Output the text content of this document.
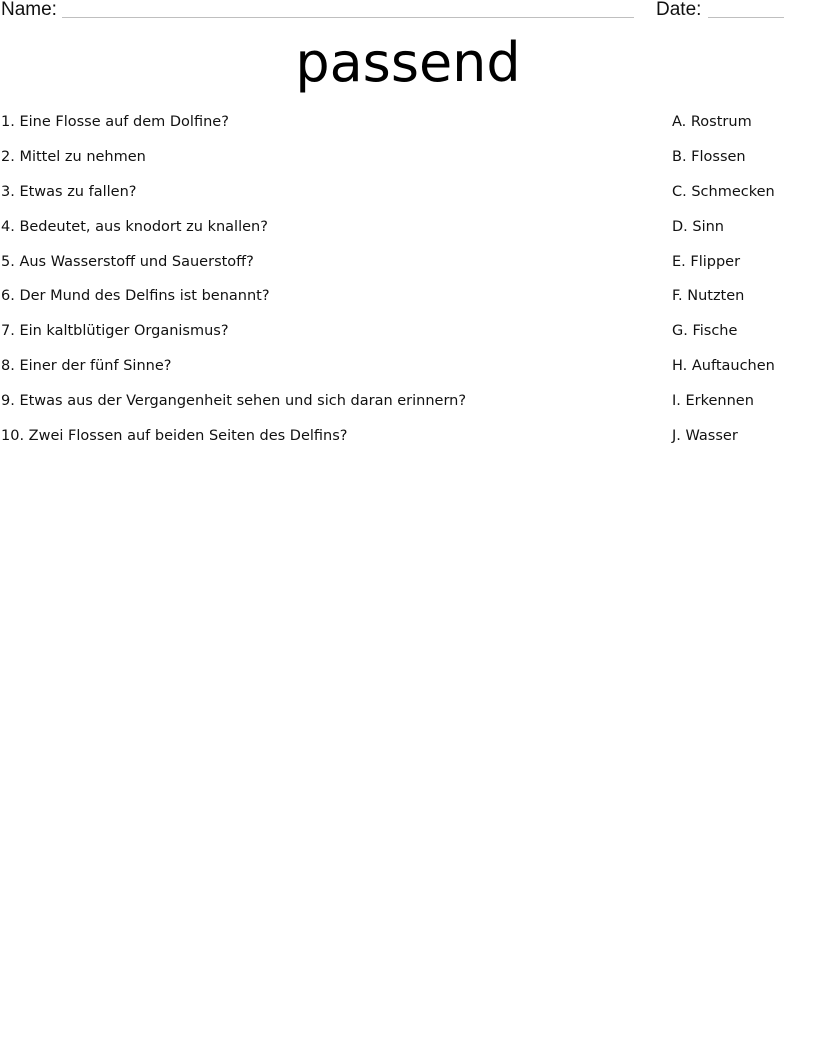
Name:	Date:
passend
1. Eine Flosse auf dem Dolfine?
2. Mittel zu nehmen
3. Etwas zu fallen?
4. Bedeutet, aus knodort zu knallen?
5. Aus Wasserstoff und Sauerstoff?
6. Der Mund des Delfins ist benannt?
7. Ein kaltblütiger Organismus?
8. Einer der fünf Sinne?
9. Etwas aus der Vergangenheit sehen und sich daran erinnern?
10. Zwei Flossen auf beiden Seiten des Delfins?
A. Rostrum
B. Flossen
C. Schmecken
D. Sinn
E. Flipper
F. Nutzten
G. Fische
H. Auftauchen
I. Erkennen
J. Wasser
